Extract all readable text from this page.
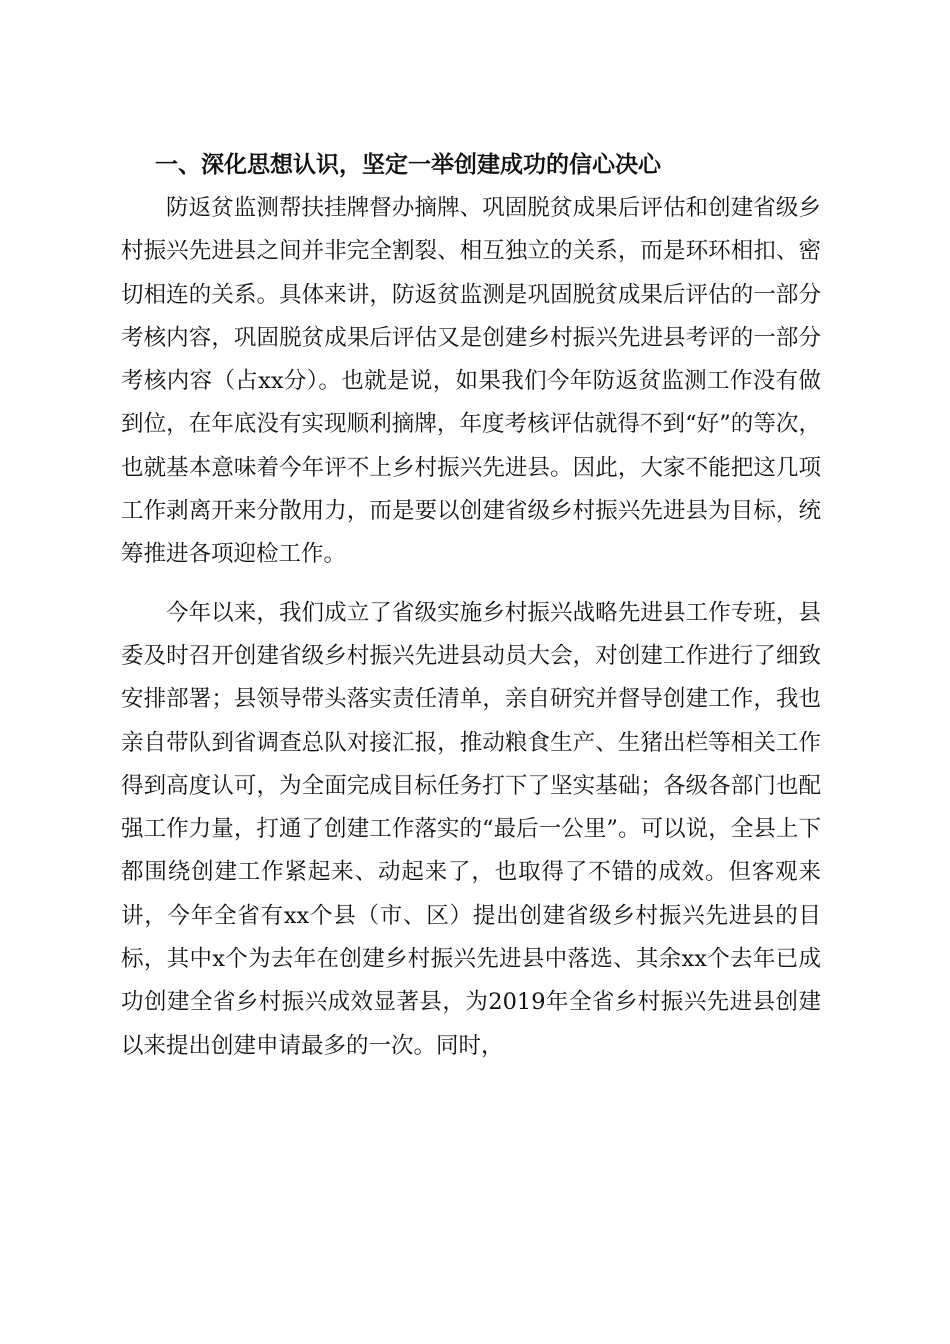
一、深化思想认识，坚定一举创建成功的信心决心

防返贫监测帮扶挂牌督办摘牌、巩固脱贫成果后评估和创建省级乡村振兴先进县之间并非完全割裂、相互独立的关系，而是环环相扣、密切相连的关系。具体来讲，防返贫监测是巩固脱贫成果后评估的一部分考核内容，巩固脱贫成果后评估又是创建乡村振兴先进县考评的一部分考核内容（占xx分）。也就是说，如果我们今年防返贫监测工作没有做到位，在年底没有实现顺利摘牌，年度考核评估就得不到“好”的等次，也就基本意味着今年评不上乡村振兴先进县。因此，大家不能把这几项工作剥离开来分散用力，而是要以创建省级乡村振兴先进县为目标，统筹推进各项迎检工作。

今年以来，我们成立了省级实施乡村振兴战略先进县工作专班，县委及时召开创建省级乡村振兴先进县动员大会，对创建工作进行了细致安排部署；县领导带头落实责任清单，亲自研究并督导创建工作，我也亲自带队到省调查总队对接汇报，推动粮食生产、生猪出栏等相关工作得到高度认可，为全面完成目标任务打下了坚实基础；各级各部门也配强工作力量，打通了创建工作落实的“最后一公里”。可以说，全县上下都围绕创建工作紧起来、动起来了，也取得了不错的成效。但客观来讲，今年全省有xx个县（市、区）提出创建省级乡村振兴先进县的目标，其中x个为去年在创建乡村振兴先进县中落选、其余xx个去年已成功创建全省乡村振兴成效显著县，为2019年全省乡村振兴先进县创建以来提出创建申请最多的一次。同时，
